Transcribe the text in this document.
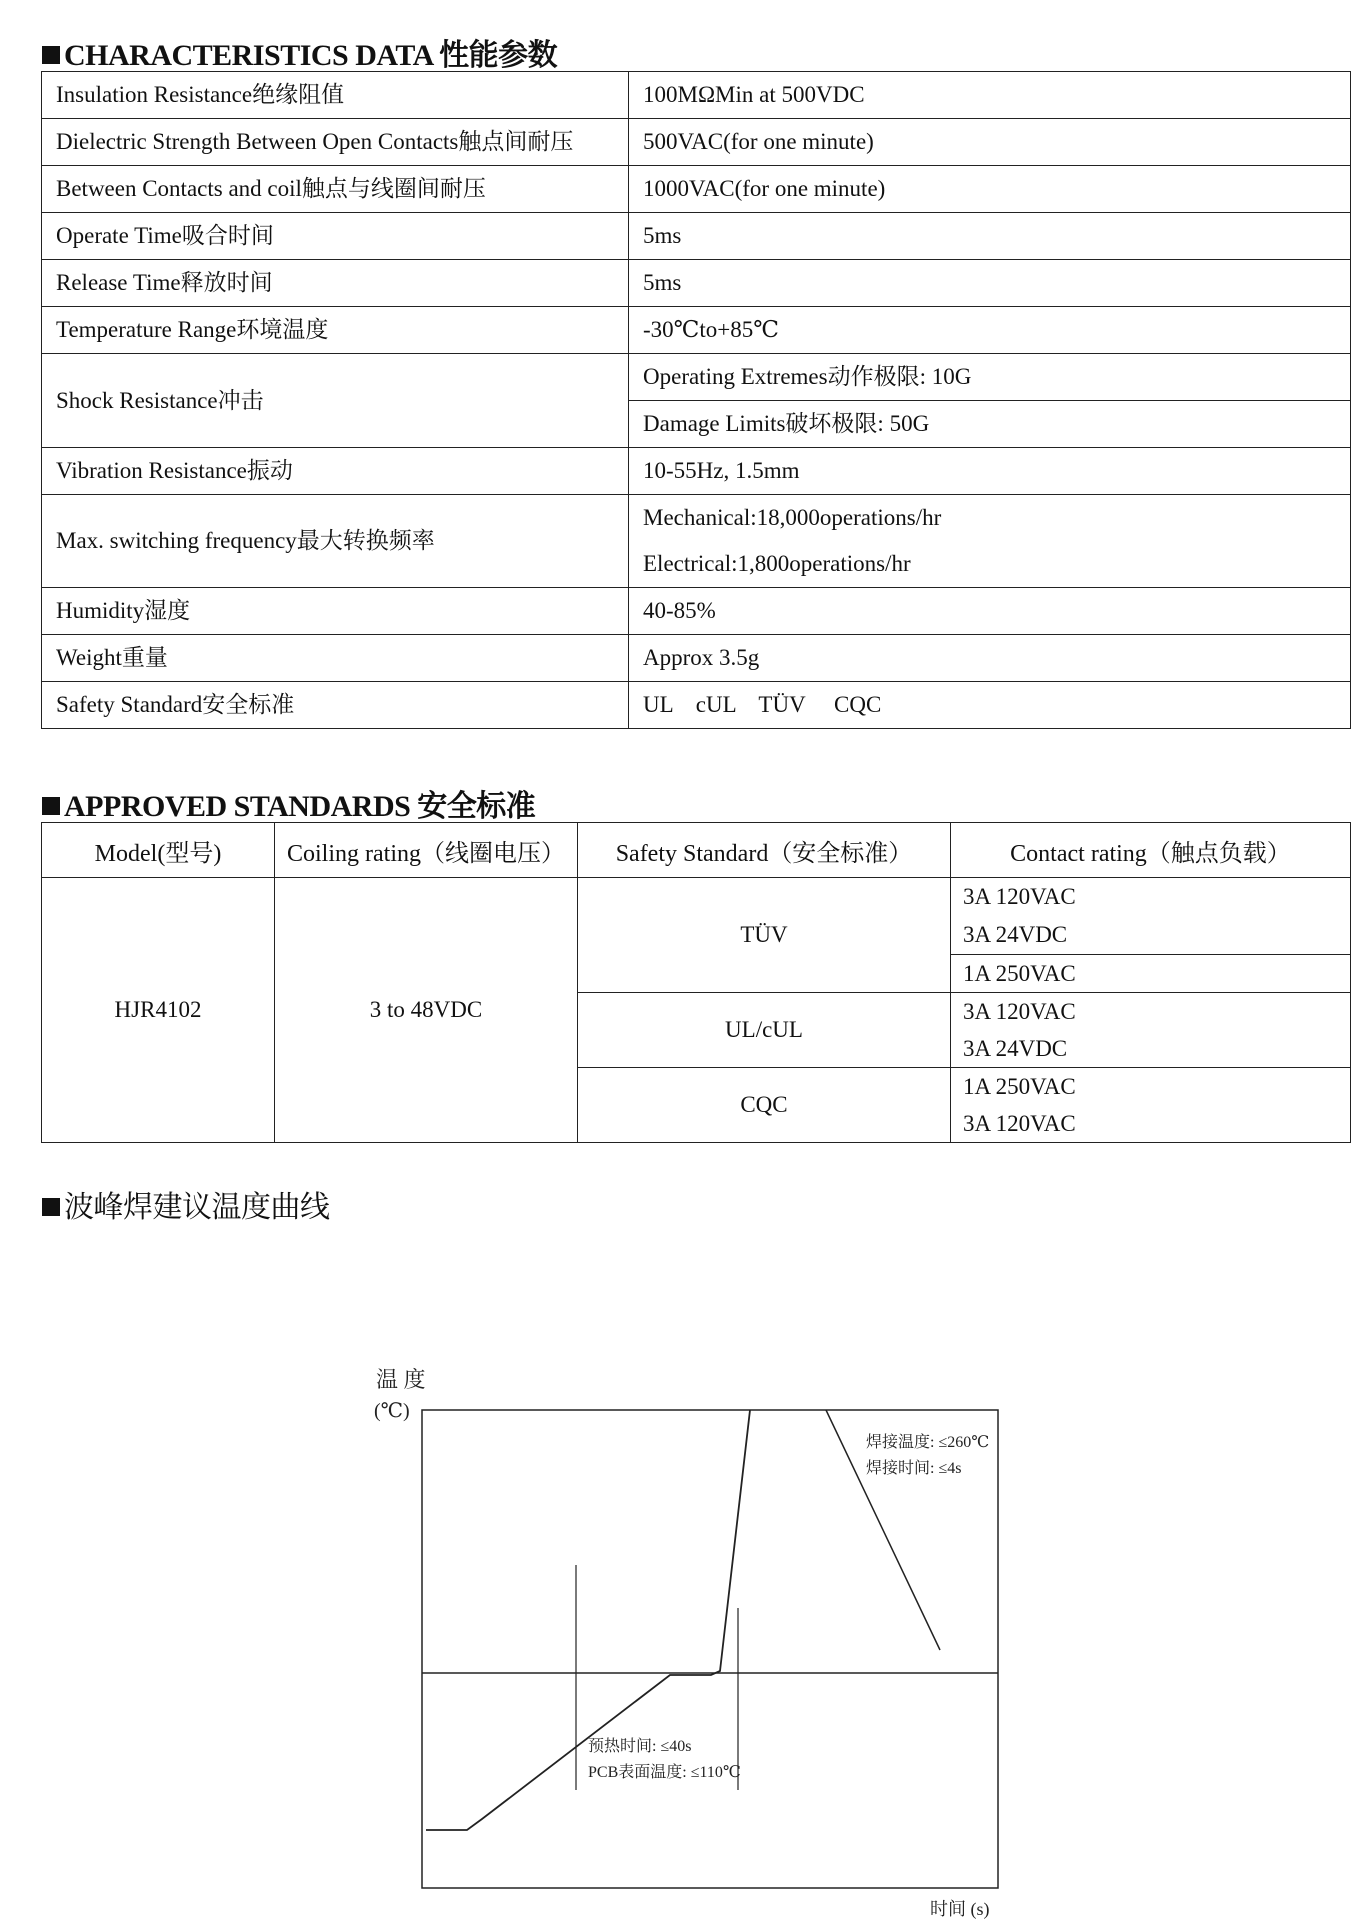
CHARACTERISTICS DATA 性能参数
Insulation Resistance绝缘阻值	100MΩMin at 500VDC
Dielectric Strength Between Open Contacts触点间耐压	500VAC(for one minute)
Between Contacts and coil触点与线圈间耐压	1000VAC(for one minute)
Operate Time吸合时间	5ms
Release Time释放时间	5ms
Temperature Range环境温度	-30℃to+85℃
Shock Resistance冲击	Operating Extremes动作极限: 10G
	Damage Limits破坏极限: 50G
Vibration Resistance振动	10-55Hz, 1.5mm
Max. switching frequency最大转换频率	Mechanical:18,000operations/hr
Electrical:1,800operations/hr

Humidity湿度	40-85%
Weight重量	Approx 3.5g
Safety Standard安全标准	UL    cUL    TÜV     CQC
APPROVED STANDARDS 安全标准
Model(型号)	Coiling rating（线圈电压）	Safety Standard（安全标准）	Contact rating（触点负载）
HJR4102	3 to 48VDC	TÜV	3A 120VAC
3A 24VDC

			1A 250VAC
		UL/cUL	3A 120VAC
3A 24VDC

		CQC	1A 250VAC
3A 120VAC
波峰焊建议温度曲线
温 度
(℃)
焊接温度: ≤260℃
焊接时间: ≤4s
预热时间: ≤40s
PCB表面温度: ≤110℃
时间 (s)
